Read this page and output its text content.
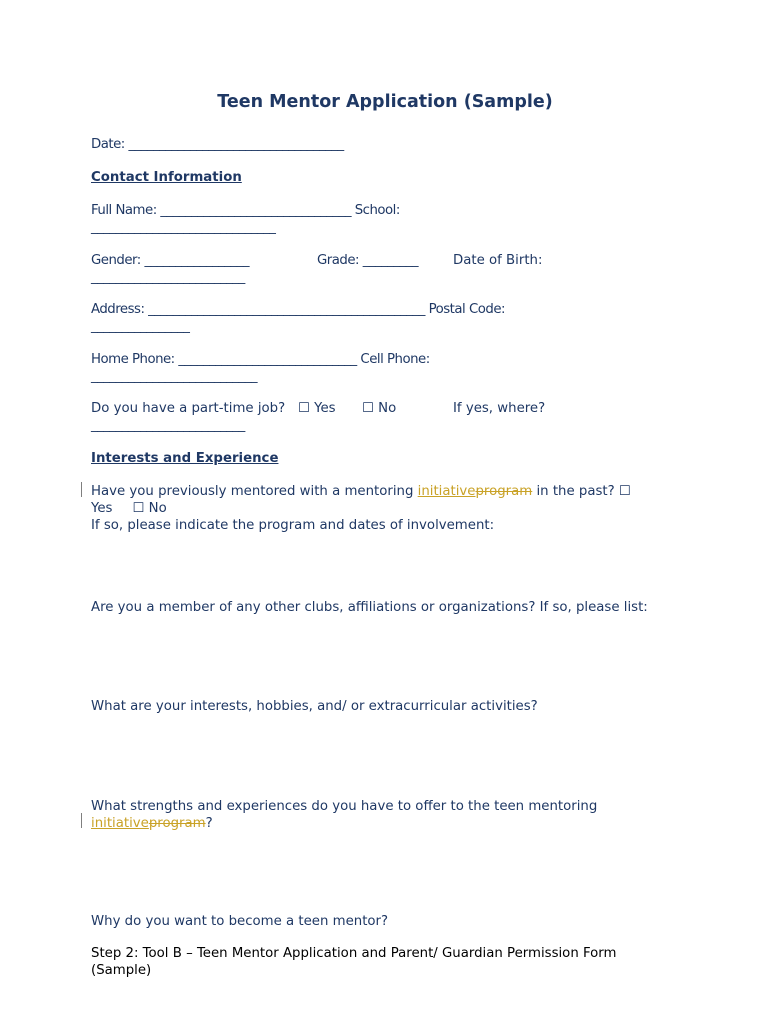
Teen Mentor Application (Sample)
Date: ___________________________________
Contact Information
Full Name: _______________________________ School:
______________________________
Gender: _________________	Grade: _________	Date of Birth:
_________________________
Address: _____________________________________________ Postal Code:
________________
Home Phone: _____________________________ Cell Phone:
___________________________
Do you have a part-time job? ☐ Yes ☐ No	If yes, where?
_________________________
Interests and Experience
Have you previously mentored with a mentoring initiativeprogram in the past? ☐
Yes ☐ No
If so, please indicate the program and dates of involvement:
Are you a member of any other clubs, affiliations or organizations? If so, please list:
What are your interests, hobbies, and/ or extracurricular activities?
What strengths and experiences do you have to offer to the teen mentoring
initiativeprogram?
Why do you want to become a teen mentor?
Step 2: Tool B – Teen Mentor Application and Parent/ Guardian Permission Form
(Sample)
